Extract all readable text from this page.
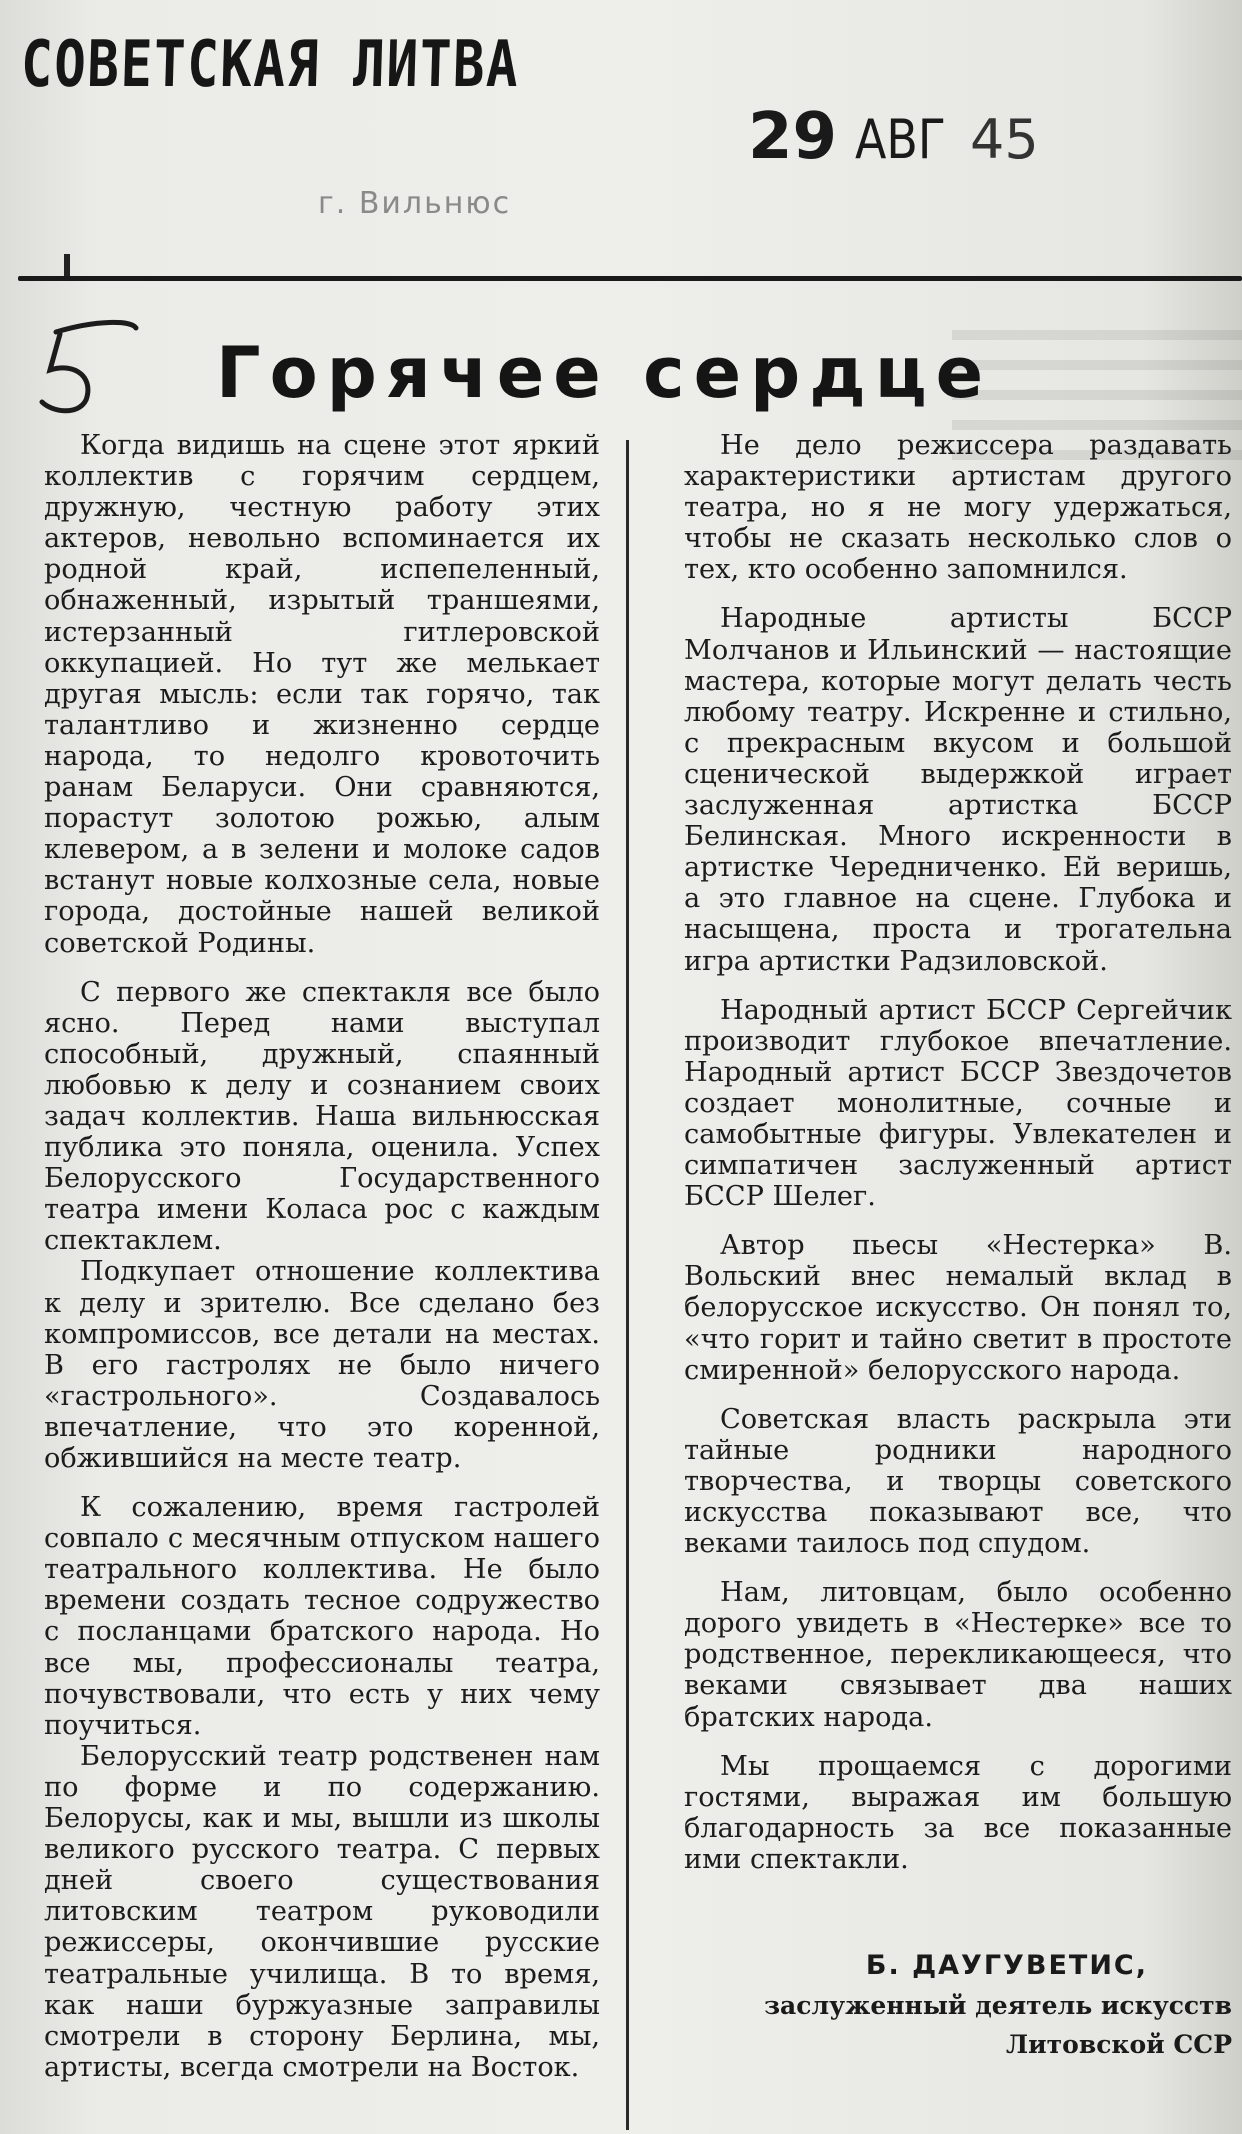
СОВЕТСКАЯ ЛИТВА
г. Вильнюс
29 АВГ 45
Горячее сердце

Когда видишь на сцене этот яркий коллектив с горячим сердцем, дружную, честную работу этих актеров, невольно вспоминается их родной край, испепеленный, обнаженный, изрытый траншеями, истерзанный гитлеровской оккупацией. Но тут же мелькает другая мысль: если так горячо, так талантливо и жизненно сердце народа, то недолго кровоточить ранам Беларуси. Они сравняются, порастут золотою рожью, алым клевером, а в зелени и молоке садов встанут новые колхозные села, новые города, достойные нашей великой советской Родины.

С первого же спектакля все было ясно. Перед нами выступал способный, дружный, спаянный любовью к делу и сознанием своих задач коллектив. Наша вильнюсская публика это поняла, оценила. Успех Белорусского Государственного театра имени Коласа рос с каждым спектаклем.

Подкупает отношение коллектива к делу и зрителю. Все сделано без компромиссов, все детали на местах. В его гастролях не было ничего «гастрольного». Создавалось впечатление, что это коренной, обжившийся на месте театр.

К сожалению, время гастролей совпало с месячным отпуском нашего театрального коллектива. Не было времени создать тесное содружество с посланцами братского народа. Но все мы, профессионалы театра, почувствовали, что есть у них чему поучиться.

Белорусский театр родственен нам по форме и по содержанию. Белорусы, как и мы, вышли из школы великого русского театра. С первых дней своего существования литовским театром руководили режиссеры, окончившие русские театральные училища. В то время, как наши буржуазные заправилы смотрели в сторону Берлина, мы, артисты, всегда смотрели на Восток.

Не дело режиссера раздавать характеристики артистам другого театра, но я не могу удержаться, чтобы не сказать несколько слов о тех, кто особенно запомнился.

Народные артисты БССР Молчанов и Ильинский — настоящие мастера, которые могут делать честь любому театру. Искренне и стильно, с прекрасным вкусом и большой сценической выдержкой играет заслуженная артистка БССР Белинская. Много искренности в артистке Чередниченко. Ей веришь, а это главное на сцене. Глубока и насыщена, проста и трогательна игра артистки Радзиловской.

Народный артист БССР Сергейчик производит глубокое впечатление. Народный артист БССР Звездочетов создает монолитные, сочные и самобытные фигуры. Увлекателен и симпатичен заслуженный артист БССР Шелег.

Автор пьесы «Нестерка» В. Вольский внес немалый вклад в белорусское искусство. Он понял то, «что горит и тайно светит в простоте смиренной» белорусского народа.

Советская власть раскрыла эти тайные родники народного творчества, и творцы советского искусства показывают все, что веками таилось под спудом.

Нам, литовцам, было особенно дорого увидеть в «Нестерке» все то родственное, перекликающееся, что веками связывает два наших братских народа.

Мы прощаемся с дорогими гостями, выражая им большую благодарность за все показанные ими спектакли.

Б. ДАУГУВЕТИС,
заслуженный деятель искусств
Литовской ССР
